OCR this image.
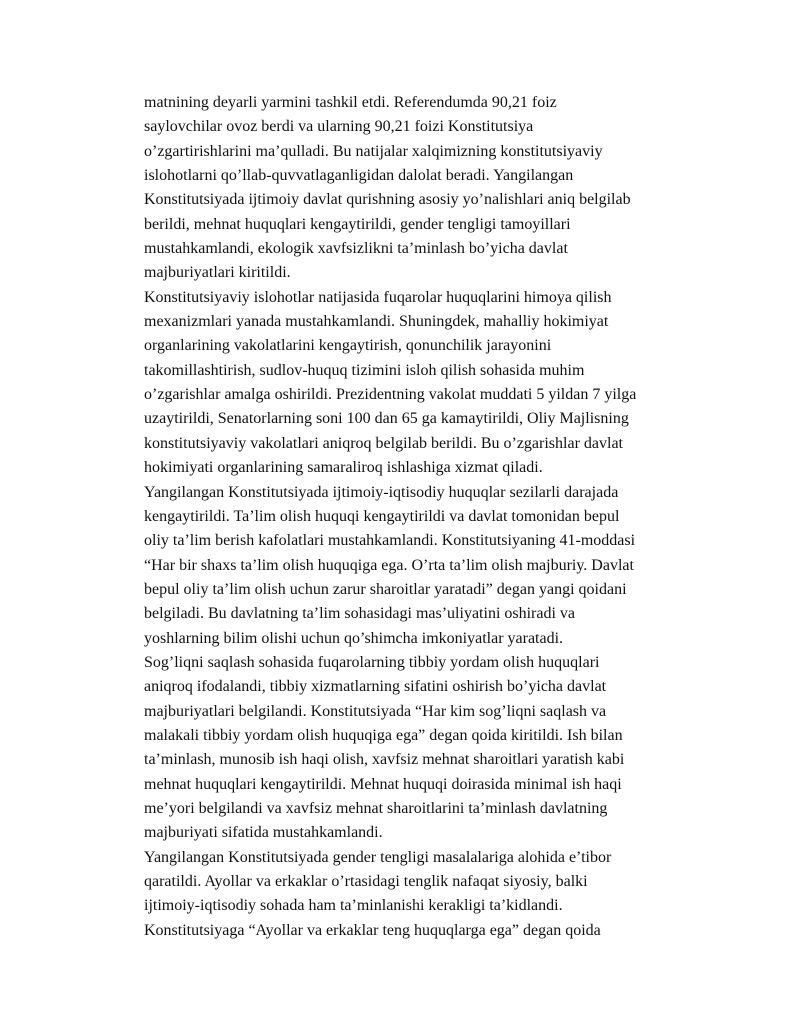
matnining deyarli yarmini tashkil etdi. Referendumda 90,21 foiz
saylovchilar ovoz berdi va ularning 90,21 foizi Konstitutsiya
o’zgartirishlarini ma’qulladi. Bu natijalar xalqimizning konstitutsiyaviy
islohotlarni qo’llab-quvvatlaganligidan dalolat beradi. Yangilangan
Konstitutsiyada ijtimoiy davlat qurishning asosiy yo’nalishlari aniq belgilab
berildi, mehnat huquqlari kengaytirildi, gender tengligi tamoyillari
mustahkamlandi, ekologik xavfsizlikni ta’minlash bo’yicha davlat
majburiyatlari kiritildi.

Konstitutsiyaviy islohotlar natijasida fuqarolar huquqlarini himoya qilish
mexanizmlari yanada mustahkamlandi. Shuningdek, mahalliy hokimiyat
organlarining vakolatlarini kengaytirish, qonunchilik jarayonini
takomillashtirish, sudlov-huquq tizimini isloh qilish sohasida muhim
o’zgarishlar amalga oshirildi. Prezidentning vakolat muddati 5 yildan 7 yilga
uzaytirildi, Senatorlarning soni 100 dan 65 ga kamaytirildi, Oliy Majlisning
konstitutsiyaviy vakolatlari aniqroq belgilab berildi. Bu o’zgarishlar davlat
hokimiyati organlarining samaraliroq ishlashiga xizmat qiladi.

Yangilangan Konstitutsiyada ijtimoiy-iqtisodiy huquqlar sezilarli darajada
kengaytirildi. Ta’lim olish huquqi kengaytirildi va davlat tomonidan bepul
oliy ta’lim berish kafolatlari mustahkamlandi. Konstitutsiyaning 41-moddasi
“Har bir shaxs ta’lim olish huquqiga ega. O’rta ta’lim olish majburiy. Davlat
bepul oliy ta’lim olish uchun zarur sharoitlar yaratadi” degan yangi qoidani
belgiladi. Bu davlatning ta’lim sohasidagi mas’uliyatini oshiradi va
yoshlarning bilim olishi uchun qo’shimcha imkoniyatlar yaratadi.

Sog’liqni saqlash sohasida fuqarolarning tibbiy yordam olish huquqlari
aniqroq ifodalandi, tibbiy xizmatlarning sifatini oshirish bo’yicha davlat
majburiyatlari belgilandi. Konstitutsiyada “Har kim sog’liqni saqlash va
malakali tibbiy yordam olish huquqiga ega” degan qoida kiritildi. Ish bilan
ta’minlash, munosib ish haqi olish, xavfsiz mehnat sharoitlari yaratish kabi
mehnat huquqlari kengaytirildi. Mehnat huquqi doirasida minimal ish haqi
me’yori belgilandi va xavfsiz mehnat sharoitlarini ta’minlash davlatning
majburiyati sifatida mustahkamlandi.

Yangilangan Konstitutsiyada gender tengligi masalalariga alohida e’tibor
qaratildi. Ayollar va erkaklar o’rtasidagi tenglik nafaqat siyosiy, balki
ijtimoiy-iqtisodiy sohada ham ta’minlanishi kerakligi ta’kidlandi.
Konstitutsiyaga “Ayollar va erkaklar teng huquqlarga ega” degan qoida
